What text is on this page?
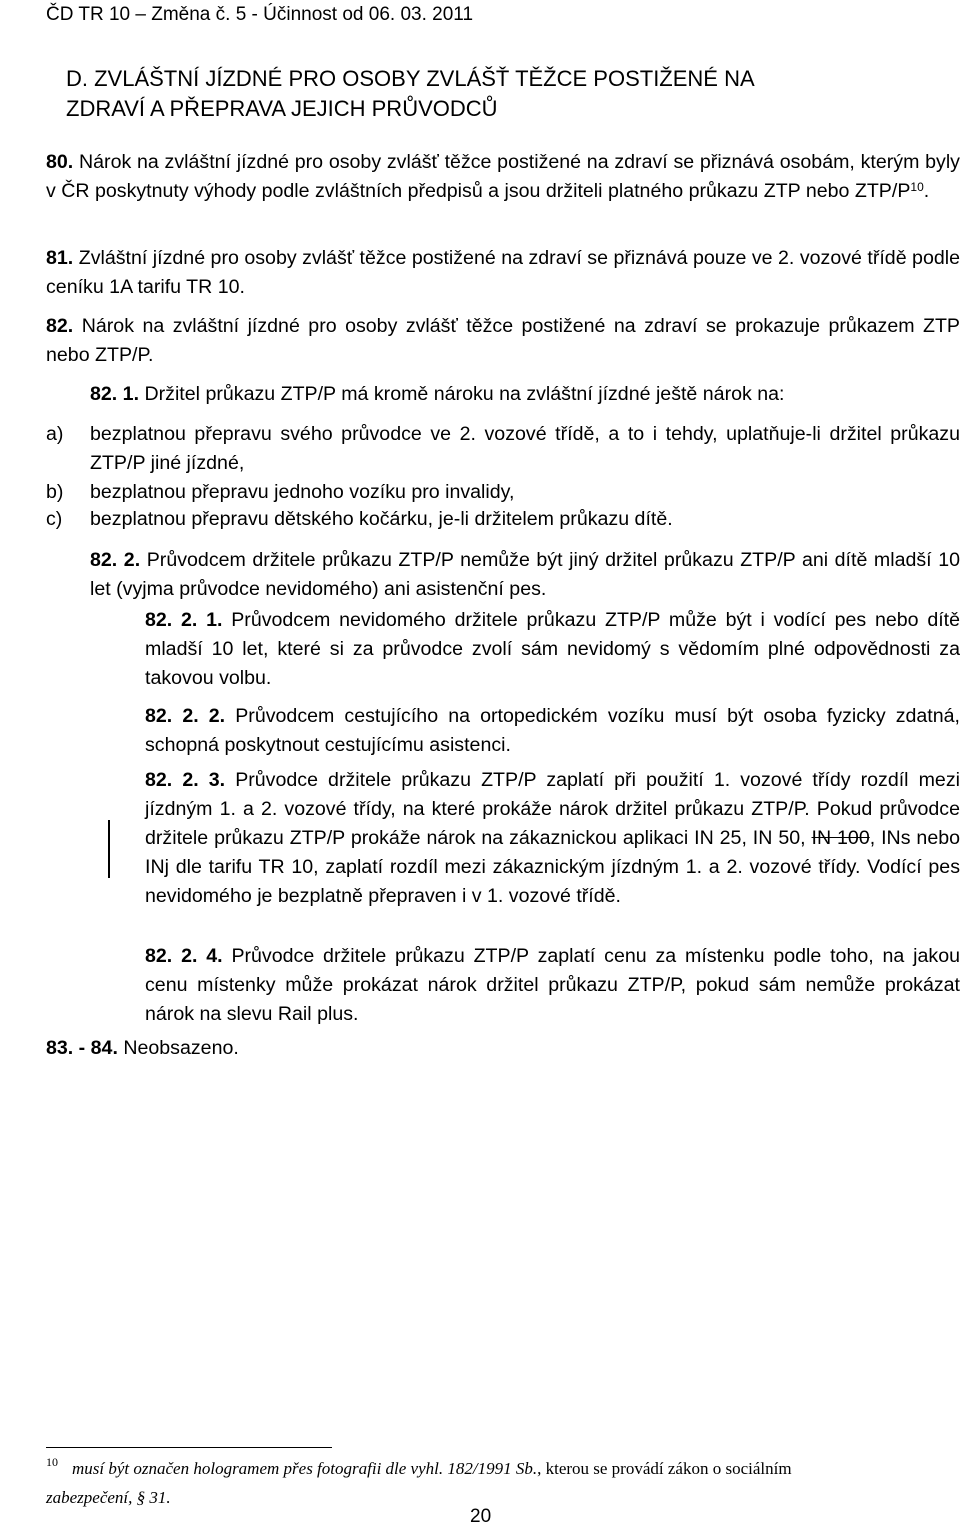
ČD TR 10 – Změna č. 5 - Účinnost od 06. 03. 2011
D. ZVLÁŠTNÍ JÍZDNÉ PRO OSOBY ZVLÁŠŤ TĚŽCE POSTIŽENÉ NA
ZDRAVÍ A PŘEPRAVA JEJICH PRŮVODCŮ
80. Nárok na zvláštní jízdné pro osoby zvlášť těžce postižené na zdraví se přiznává osobám, kterým byly v ČR poskytnuty výhody podle zvláštních předpisů a jsou držiteli platného průkazu ZTP nebo ZTP/$P^{10}$.
81. Zvláštní jízdné pro osoby zvlášť těžce postižené na zdraví se přiznává pouze ve 2. vozové třídě podle ceníku 1A tarifu TR 10.
82. Nárok na zvláštní jízdné pro osoby zvlášť těžce postižené na zdraví se prokazuje průkazem ZTP nebo ZTP/P.
82. 1. Držitel průkazu ZTP/P má kromě nároku na zvláštní jízdné ještě nárok na:
a) bezplatnou přepravu svého průvodce ve 2. vozové třídě, a to i tehdy, uplatňuje-li držitel průkazu ZTP/P jiné jízdné,
b) bezplatnou přepravu jednoho vozíku pro invalidy,
c) bezplatnou přepravu dětského kočárku, je-li držitelem průkazu dítě.
82. 2. Průvodcem držitele průkazu ZTP/P nemůže být jiný držitel průkazu ZTP/P ani dítě mladší 10 let (vyjma průvodce nevidomého) ani asistenční pes.
82. 2. 1. Průvodcem nevidomého držitele průkazu ZTP/P může být i vodící pes nebo dítě mladší 10 let, které si za průvodce zvolí sám nevidomý s vědomím plné odpovědnosti za takovou volbu.
82. 2. 2. Průvodcem cestujícího na ortopedickém vozíku musí být osoba fyzicky zdatná, schopná poskytnout cestujícímu asistenci.
82. 2. 3. Průvodce držitele průkazu ZTP/P zaplatí při použití 1. vozové třídy rozdíl mezi jízdným 1. a 2. vozové třídy, na které prokáže nárok držitel průkazu ZTP/P. Pokud průvodce držitele průkazu ZTP/P prokáže nárok na zákaznickou aplikaci IN 25, IN 50, IN 100, INs nebo INj dle tarifu TR 10, zaplatí rozdíl mezi zákaznickým jízdným 1. a 2. vozové třídy. Vodící pes nevidomého je bezplatně přepraven i v 1. vozové třídě.
82. 2. 4. Průvodce držitele průkazu ZTP/P zaplatí cenu za místenku podle toho, na jakou cenu místenky může prokázat nárok držitel průkazu ZTP/P, pokud sám nemůže prokázat nárok na slevu Rail plus.
83. - 84. Neobsazeno.
$^{10}$ musí být označen hologramem přes fotografii dle vyhl. 182/1991 Sb., kterou se provádí zákon o sociálním
zabezpečení, § 31.
20
